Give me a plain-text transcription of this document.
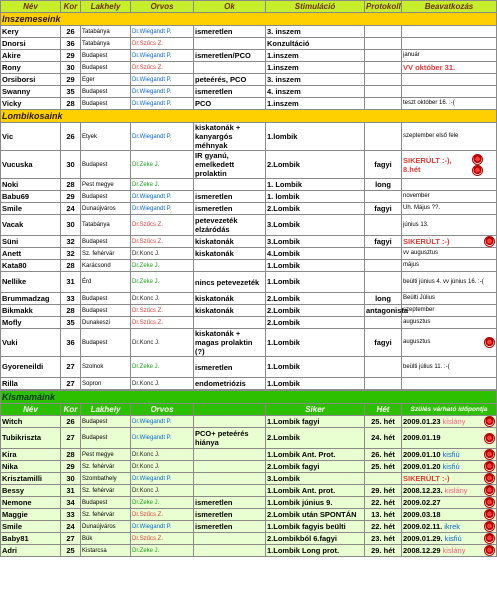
Név	Kor	Lakhely	Orvos	Ok	Stimuláció	Protokoll	Beavatkozás
Inszemeseink							
Kery	26	Tatabánya	Dr.Wiegandt P.	ismeretlen	3. inszem		
Dnorsi	36	Tatabánya	Dr.Szűcs Z.		Konzultáció		
Akire	29	Budapest	Dr.Wiegandt P.	ismeretlen/PCO	1.inszem		január
Rony	30	Budapest	Dr.Szűcs Z.		1.inszem		VV október 31.
Orsiborsi	29	Eger	Dr.Wiegandt P.	peteérés, PCO	3. inszem		
Swanny	35	Budapest	Dr.Wiegandt P.	ismeretlen	4. inszem		
Vicky	28	Budapest	Dr.Wiegandt P.	PCO	1.inszem		teszt október 16. :-(
Lombikosaink							
Vic	26	Etyek	Dr.Wiegandt P.	kiskatonák + kanyargós méhnyak	1.lombik		szeptember első fele
Vucuska	30	Budapest	Dr.Zeke J.	IR gyanú, emelkedett prolaktin	2.Lombik	fagyi	SIKERÜLT :-), 8.hét

Noki	28	Pest megye	Dr.Zeke J.		1. Lombik	long	
Babu69	29	Budapest	Dr.Wiegandt P.	ismeretlen	1. lombik		november
Smile	24	Dunaújváros	Dr.Wiegandt P.	ismeretlen	2.Lombik	fagyi	Uh. Május ??.
Vacak	30	Tatabánya	Dr.Szűcs Z.	petevezeték elzáródás	3.Lombik		június 13.
Süni	32	Budapest	Dr.Szűcs Z.	kiskatonák	3.Lombik	fagyi	SIKERÜLT :-)

Anett	32	Sz. fehérvár	Dr.Konc J.	kiskatonák	4.Lombik		vv augusztus
Kata80	28	Karácsond	Dr.Zeke J.		1.Lombik		május
Nellike	31	Érd	Dr.Zeke J.	nincs petevezeték	1.Lombik		beülti június 4. vv június 16. :-(
Brummadzag	33	Budapest	Dr.Konc J.	kiskatonák	2.Lombik	long	Beülti Július
Bikmakk	28	Budapest	Dr.Szűcs Z.	kiskatonák	2.Lombik	antagonista	szeptember
Mofly	35	Dunakeszi	Dr.Szűcs Z.		2.Lombik		augusztus
Vuki	36	Budapest	Dr.Konc J.	kiskatonák + magas prolaktin (?)	1.Lombik	fagyi	augusztus

Gyoreneildi	27	Szolnok	Dr.Zeke J.	ismeretlen	1.Lombik		beülti július 11. :-(
Rilla	27	Sopron	Dr.Konc J.	endometriózis	1.Lombik		
Kismamáink							
Név	Kor	Lakhely	Orvos		Siker	Hét	Szülés várható időpontja
Witch	26	Budapest	Dr.Wiegandt P.		1.Lombik fagyi	25. hét	2009.01.23 kislány

Tubikriszta	27	Budapest	Dr.Wiegandt P.	PCO+ peteérés hiánya	2.Lombik	24. hét	2009.01.19

Kira	28	Pest megye	Dr.Konc J.		1.Lombik Ant. Prot.	26. hét	2009.01.10 kisfiú

Nika	29	Sz. fehérvár	Dr.Konc J.		2.Lombik fagyi	25. hét	2009.01.20 kisfiú

Krisztamilli	30	Szombathely	Dr.Wiegandt P.		3.Lombik		SIKERÜLT :-)

Bessy	31	Sz. fehérvár	Dr.Konc J.		1.Lombik Ant. prot.	29. hét	2008.12.23. kislány

Nemone	34	Budapest	Dr.Zeke J.	ismeretlen	1.Lombik június 9.	22. hét	2009.02.27

Maggie	33	Sz. fehérvár	Dr.Szűcs Z.	ismeretlen	2.Lombik után SPONTÁN	13. hét	2009.03.18

Smile	24	Dunaújváros	Dr.Wiegandt P.	ismeretlen	1.Lombik fagyis beülti	22. hét	2009.02.11. ikrek

Baby81	27	Bük	Dr.Szűcs Z.		2.Lombikból 6.fagyi	23. hét	2009.01.29. kisfiú

Adri	25	Kistarcsa	Dr.Zeke J.		1.Lombik Long prot.	29. hét	2008.12.29 kislány
